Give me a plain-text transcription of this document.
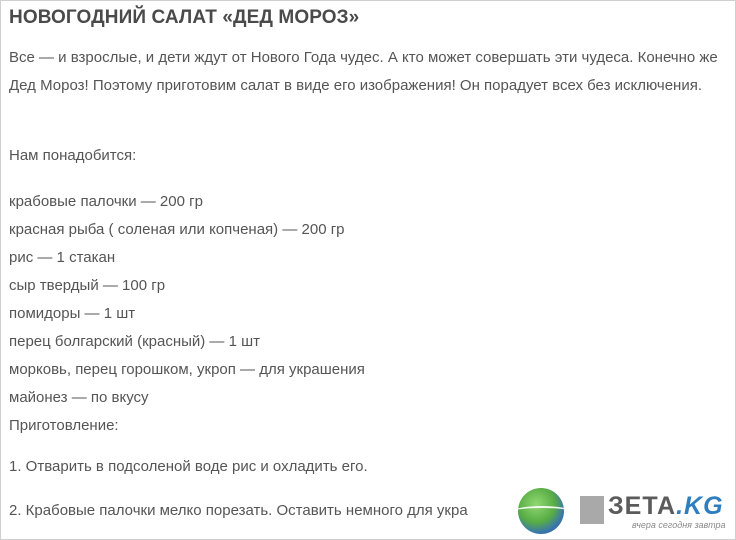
НОВОГОДНИЙ САЛАТ «ДЕД МОРОЗ»

Все — и взрослые, и дети ждут от Нового Года чудес. А кто может совершать эти чудеса. Конечно же Дед Мороз! Поэтому приготовим салат в виде его изображения! Он порадует всех без исключения.

Нам понадобится:

крабовые палочки — 200 гр
красная рыба ( соленая или копченая) — 200 гр
рис — 1 стакан
сыр твердый — 100 гр
помидоры — 1 шт
перец болгарский (красный) — 1 шт
морковь, перец горошком, укроп — для украшения
майонез — по вкусу
Приготовление:

1. Отварить в подсоленой воде рис и охладить его.

2. Крабовые палочки мелко порезать. Оставить немного для укра	ЗЕТА.KG
вчера сегодня завтра
